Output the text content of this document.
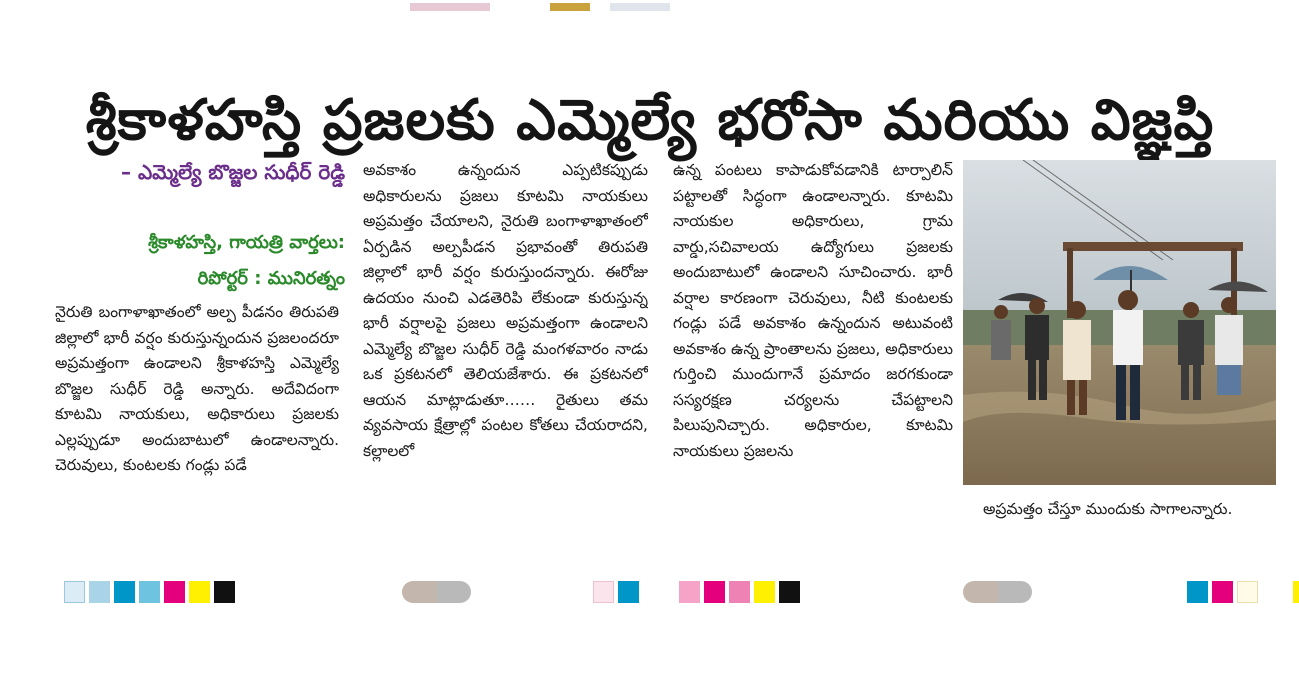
శ్రీకాళహస్తి ప్రజలకు ఎమ్మెల్యే భరోసా మరియు విజ్ఞప్తి
– ఎమ్మెల్యే బొజ్జల సుధీర్ రెడ్డి
శ్రీకాళహస్తి, గాయత్రి వార్తలు:
రిపోర్టర్ : మునిరత్నం
నైరుతి బంగాళాఖాతంలో అల్ప పీడనం తిరుపతి జిల్లాలో భారీ వర్షం కురుస్తున్నందున ప్రజలందరూ అప్రమత్తంగా ఉండాలని శ్రీకాళహస్తి ఎమ్మెల్యే బొజ్జల సుధీర్ రెడ్డి అన్నారు. అదేవిదంగా కూటమి నాయకులు, అధికారులు ప్రజలకు ఎల్లప్పుడూ అందుబాటులో ఉండాలన్నారు. చెరువులు, కుంటలకు గండ్లు పడే
అవకాశం ఉన్నందున ఎప్పటికప్పుడు అధికారులను ప్రజలు కూటమి నాయకులు అప్రమత్తం చేయాలని, నైరుతి బంగాళాఖాతంలో ఏర్పడిన అల్పపీడన ప్రభావంతో తిరుపతి జిల్లాలో భారీ వర్షం కురుస్తుందన్నారు. ఈరోజు ఉదయం నుంచి ఎడతెరిపి లేకుండా కురుస్తున్న భారీ వర్షాలపై ప్రజలు అప్రమత్తంగా ఉండాలని ఎమ్మెల్యే బొజ్జల సుధీర్ రెడ్డి మంగళవారం నాడు ఒక ప్రకటనలో తెలియజేశారు. ఈ ప్రకటనలో ఆయన మాట్లాడుతూ…… రైతులు తమ వ్యవసాయ క్షేత్రాల్లో పంటల కోతలు చేయరాదని, కల్లాలలో
ఉన్న పంటలు కాపాడుకోవడానికి టార్పాలిన్ పట్టాలతో సిద్ధంగా ఉండాలన్నారు. కూటమి నాయకుల అధికారులు, గ్రామ వార్డు,సచివాలయ ఉద్యోగులు ప్రజలకు అందుబాటులో ఉండాలని సూచించారు. భారీ వర్షాల కారణంగా చెరువులు, నీటి కుంటలకు గండ్లు పడే అవకాశం ఉన్నందున అటువంటి అవకాశం ఉన్న ప్రాంతాలను ప్రజలు, అధికారులు గుర్తించి ముందుగానే ప్రమాదం జరగకుండా సస్యరక్షణ చర్యలను చేపట్టాలని పిలుపునిచ్చారు. అధికారుల, కూటమి నాయకులు ప్రజలను
అప్రమత్తం చేస్తూ ముందుకు సాగాలన్నారు.
